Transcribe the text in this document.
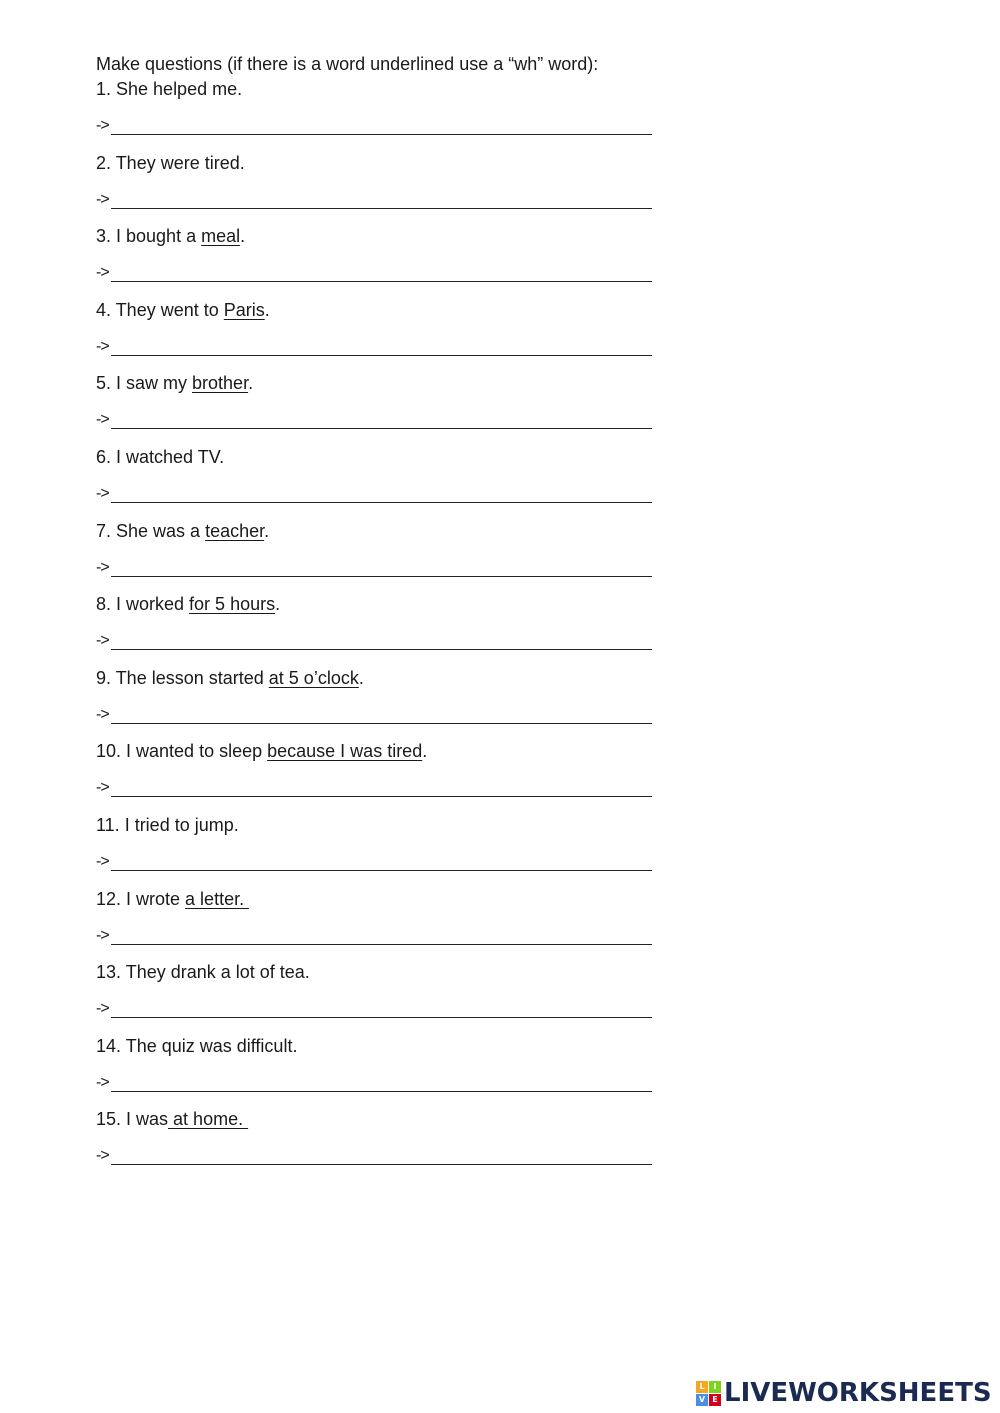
Make questions (if there is a word underlined use a “wh” word):
1. She helped me.
->
2. They were tired.
->
3. I bought a meal.
->
4. They went to Paris.
->
5. I saw my brother.
->
6. I watched TV.
->
7. She was a teacher.
->
8. I worked for 5 hours.
->
9. The lesson started at 5 o’clock.
->
10. I wanted to sleep because I was tired.
->
11. I tried to jump.
->
12. I wrote a letter.
->
13. They drank a lot of tea.
->
14. The quiz was difficult.
->
15. I was at home.
->
L	I
V E LIVEWORKSHEETS
